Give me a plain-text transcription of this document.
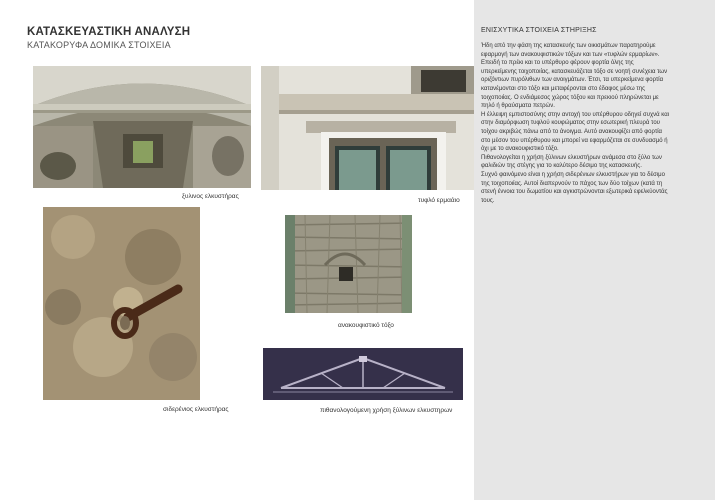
ΚΑΤΑΣΚΕΥΑΣΤΙΚΗ ΑΝΑΛΥΣΗ
ΚΑΤΑΚΟΡΥΦΑ ΔΟΜΙΚΑ ΣΤΟΙΧΕΙΑ
ξυλινος ελκυστήρας
τυφλό ερμαάιο
σιδερένιος ελκυστήρας
ανακουφιστικό τόξο
πιθανολογούμενη χρήση ξύλινων ελκυστηρων
ΕΝΙΣΧΥΤΙΚΑ ΣΤΟΙΧΕΙΑ ΣΤΗΡΙΞΗΣ

Ήδη από την φάση της κατασκευής των οικισμάτων παρατηρούμε εφαρμογή των ανακουφιστικών τόξων και των «τυφλών ερμαρίων». Επειδή το πρέκι και το υπέρθυρο φέρουν φορτία όλης της υπερκείμενης τοιχοποιίας, κατασκευάζεται τόξο σε νοητή συνέχεια των οριζόντιων πυρόλιθων των ανοιγμάτων. Έτσι, τα υπερκείμενα φορτία κατανέμονται στο τόξο και μεταφέρονται στο έδαφος μέσω της τοιχοποιίας. Ο ενδιάμεσος χώρος τόξου και πρεκιού πληρώνεται με πηλό ή θραύσματα πετρών.

Η έλλειψη εμπιστοσύνης στην αντοχή του υπέρθυρου οδηγεί συχνά και στην διαμόρφωση τυφλού κουφώματος στην εσωτερική πλευρά του τοίχου ακριβώς πάνω από το άνοιγμα. Αυτό ανακουφίζει από φορτία στο μέσον του υπέρθυρου και μπορεί να εφαρμόζεται σε συνδυασμό ή όχι με το ανακουφιστικό τόξο.

Πιθανολογείται η χρήση ξύλινων ελκυστήρων ανάμεσα στο ξύλο των φαλιδιών της στέγης για το καλύτερο δέσιμο της κατασκευής.

Συχνό φαινόμενο είναι η χρήση σιδερένιων ελκυστήρων για το δέσιμο της τοιχοποιίας. Αυτοί διαπερνούν το πάχος των δύο τοίχων (κατά τη στενή έννοια του δωματίου και αγκιστρώνονται εξωτερικά εφελκύοντάς τους.
